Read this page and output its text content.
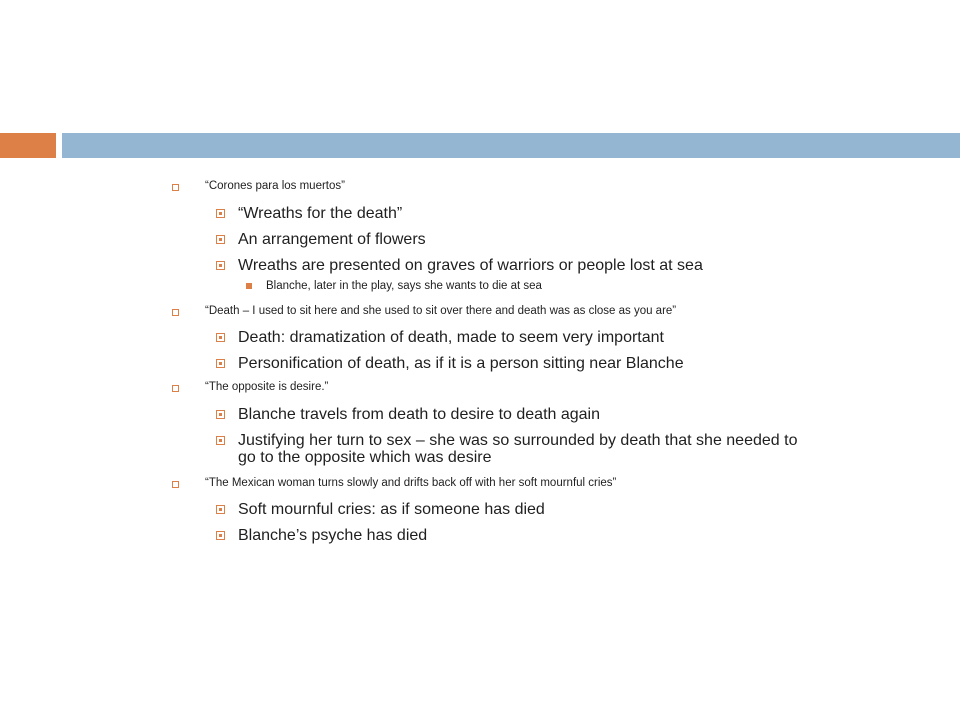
“Corones para los muertos”
“Wreaths for the death”
An arrangement of flowers
Wreaths are presented on graves of warriors or people lost at sea
Blanche, later in the play, says she wants to die at sea
“Death – I used to sit here and she used to sit over there and death was as close as you are”
Death: dramatization of death, made to seem very important
Personification of death, as if it is a person sitting near Blanche
“The opposite is desire.”
Blanche travels from death to desire to death again
Justifying her turn to sex – she was so surrounded by death that she needed to go to the opposite which was desire
“The Mexican woman turns slowly and drifts back off with her soft mournful cries”
Soft mournful cries: as if someone has died
Blanche’s psyche has died
